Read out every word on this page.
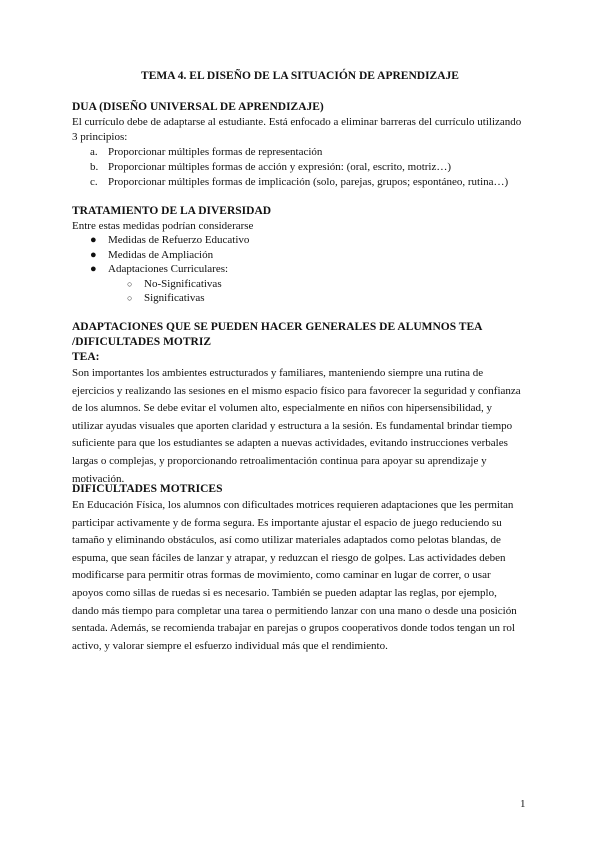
TEMA 4. EL DISEÑO DE LA SITUACIÓN DE APRENDIZAJE
DUA (DISEÑO UNIVERSAL DE APRENDIZAJE)
El currículo debe de adaptarse al estudiante. Está enfocado a eliminar barreras del currículo utilizando
3 principios:
a. Proporcionar múltiples formas de representación
b. Proporcionar múltiples formas de acción y expresión: (oral, escrito, motriz…)
c. Proporcionar múltiples formas de implicación (solo, parejas, grupos; espontáneo, rutina…)
TRATAMIENTO DE LA DIVERSIDAD
Entre estas medidas podrían considerarse
● Medidas de Refuerzo Educativo
● Medidas de Ampliación
● Adaptaciones Curriculares:
○ No-Significativas
○ Significativas
ADAPTACIONES QUE SE PUEDEN HACER GENERALES DE ALUMNOS TEA
/DIFICULTADES MOTRIZ
TEA:
Son importantes los ambientes estructurados y familiares, manteniendo siempre una rutina de
ejercicios y realizando las sesiones en el mismo espacio físico para favorecer la seguridad y confianza
de los alumnos. Se debe evitar el volumen alto, especialmente en niños con hipersensibilidad, y
utilizar ayudas visuales que aporten claridad y estructura a la sesión. Es fundamental brindar tiempo
suficiente para que los estudiantes se adapten a nuevas actividades, evitando instrucciones verbales
largas o complejas, y proporcionando retroalimentación continua para apoyar su aprendizaje y
motivación.
DIFICULTADES MOTRICES
En Educación Física, los alumnos con dificultades motrices requieren adaptaciones que les permitan
participar activamente y de forma segura. Es importante ajustar el espacio de juego reduciendo su
tamaño y eliminando obstáculos, así como utilizar materiales adaptados como pelotas blandas, de
espuma, que sean fáciles de lanzar y atrapar, y reduzcan el riesgo de golpes. Las actividades deben
modificarse para permitir otras formas de movimiento, como caminar en lugar de correr, o usar
apoyos como sillas de ruedas si es necesario. También se pueden adaptar las reglas, por ejemplo,
dando más tiempo para completar una tarea o permitiendo lanzar con una mano o desde una posición
sentada. Además, se recomienda trabajar en parejas o grupos cooperativos donde todos tengan un rol
activo, y valorar siempre el esfuerzo individual más que el rendimiento.
1
